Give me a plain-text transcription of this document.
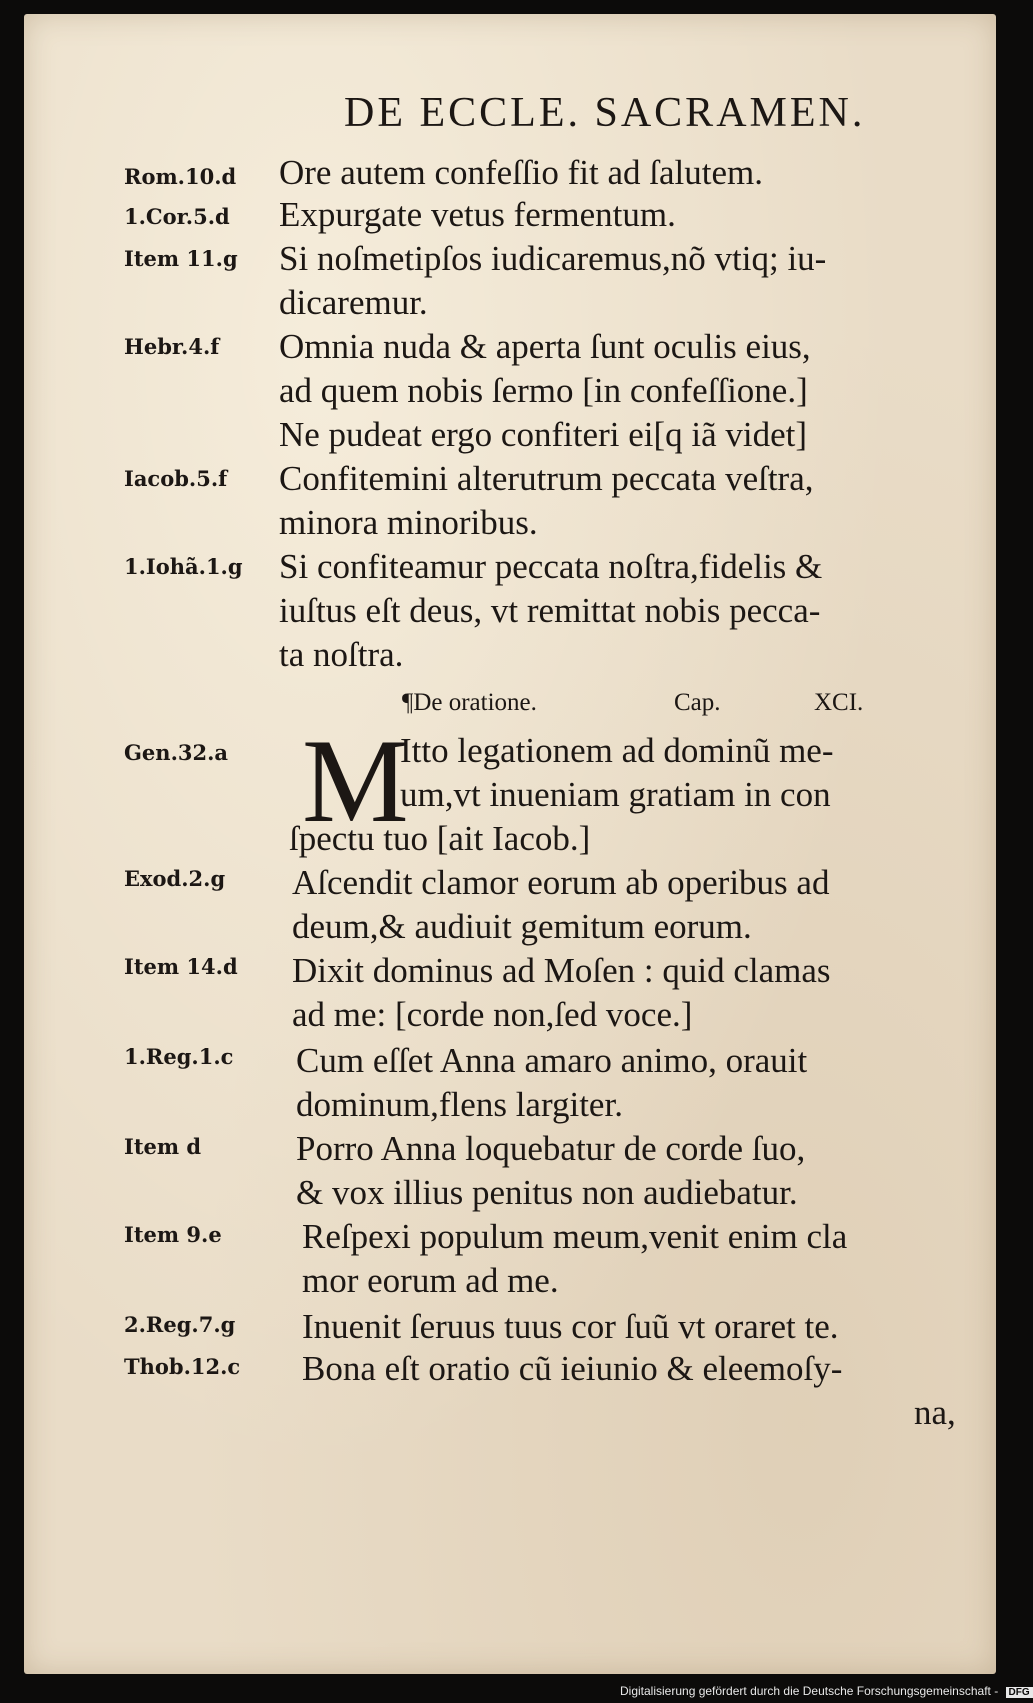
DE ECCLE. SACRAMEN.
Rom.10.d	Ore autem confeſſio fit ad ſalutem.
1.Cor.5.d	Expurgate vetus fermentum.
Item 11.g	Si noſmetipſos iudicaremus,nõ vtiq; iu-
dicaremur.
Hebr.4.f	Omnia nuda & aperta ſunt oculis eius,
ad quem nobis ſermo [in confeſſione.]
Ne pudeat ergo confiteri ei[q iã videt]
Iacob.5.f	Confitemini alterutrum peccata veſtra,
minora minoribus.
1.Iohã.1.g	Si confiteamur peccata noſtra,fidelis &
iuſtus eſt deus, vt remittat nobis pecca-
ta noſtra.
¶De oratione.	Cap.	XCI.
M
Gen.32.a	Itto legationem ad dominũ me-
um,vt inueniam gratiam in con
ſpectu tuo [ait Iacob.]
Exod.2.g	Aſcendit clamor eorum ab operibus ad
deum,& audiuit gemitum eorum.
Item 14.d	Dixit dominus ad Moſen : quid clamas
ad me: [corde non,ſed voce.]
1.Reg.1.c	Cum eſſet Anna amaro animo, orauit
dominum,flens largiter.
Item d	Porro Anna loquebatur de corde ſuo,
& vox illius penitus non audiebatur.
Item 9.e	Reſpexi populum meum,venit enim cla
mor eorum ad me.
2.Reg.7.g	Inuenit ſeruus tuus cor ſuũ vt oraret te.
Thob.12.c	Bona eſt oratio cũ ieiunio & eleemoſy-
na,
Digitalisierung gefördert durch die Deutsche Forschungsgemeinschaft - DFG
